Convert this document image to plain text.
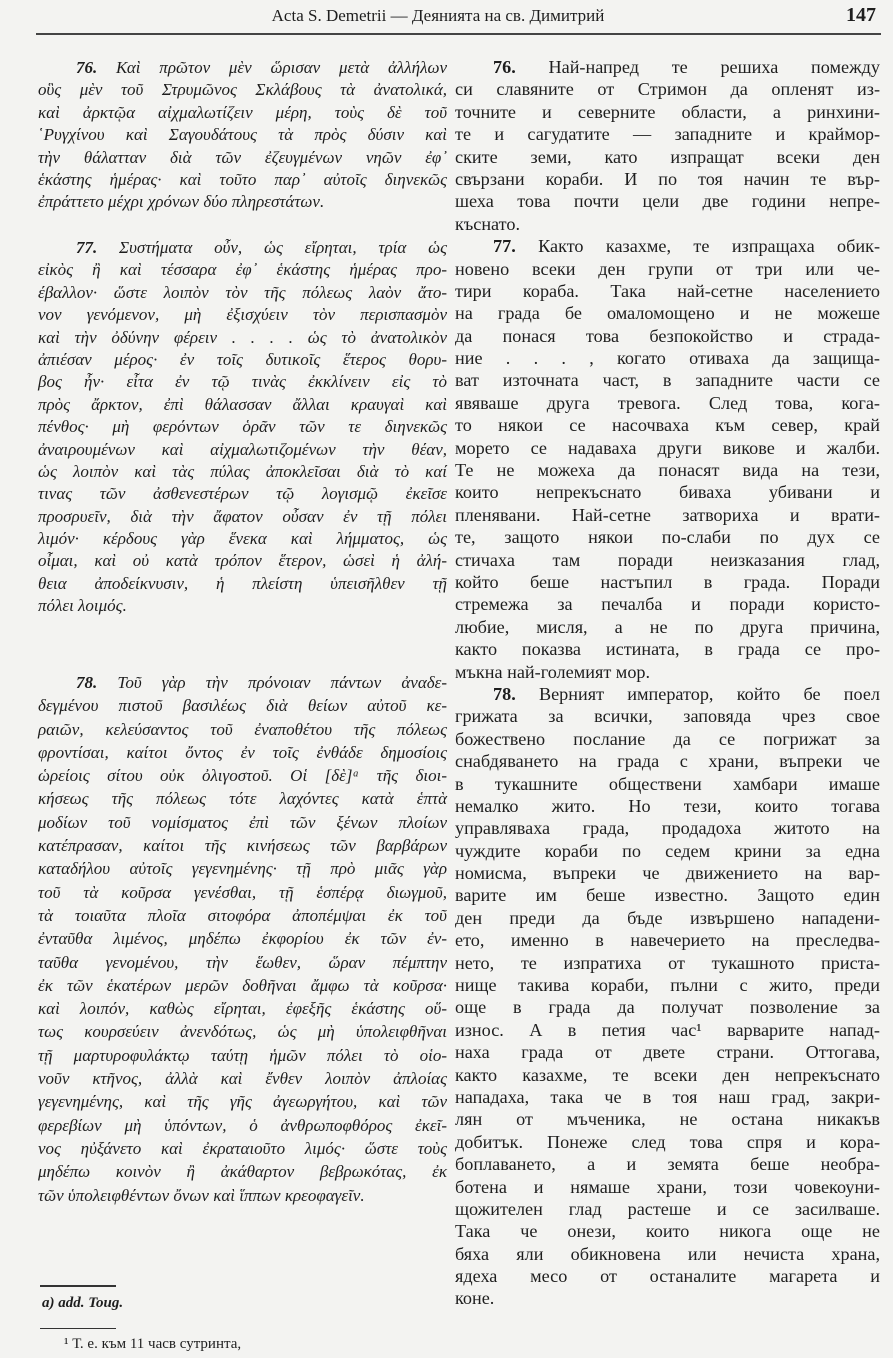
Acta S. Demetrii — Деянията на св. Димитрий	147
76. Καὶ πρῶτον μὲν ὥρισαν μετὰ ἀλλήλων
οὓς μὲν τοῦ Στρυμῶνος Σκλάβους τὰ ἀνατολικά,
καὶ ἀρκτῷα αἰχμαλωτίζειν μέρη, τοὺς δὲ τοῦ
῾Ρυγχίνου καὶ Σαγουδάτους τὰ πρὸς δύσιν καὶ
τὴν θάλατταν διὰ τῶν ἐζευγμένων νηῶν ἐφ᾽
ἑκάστης ἡμέρας· καὶ τοῦτο παρ᾽ αὐτοῖς διηνεκῶς
ἐπράττετο μέχρι χρόνων δύο πληρεστάτων.
77. Συστήματα οὖν, ὡς εἴρηται, τρία ὡς
εἰκὸς ἢ καὶ τέσσαρα ἐφ᾽ ἑκάστης ἡμέρας προ-
έβαλλον· ὥστε λοιπὸν τὸν τῆς πόλεως λαὸν ἄτο-
νον γενόμενον, μὴ ἐξισχύειν τὸν περισπασμὸν
καὶ τὴν ὀδύνην φέρειν . . . . ὡς τὸ ἀνατολικὸν
ἀπιέσαν μέρος· ἐν τοῖς δυτικοῖς ἕτερος θορυ-
βος ἦν· εἶτα ἐν τῷ τινὰς ἐκκλίνειν εἰς τὸ
πρὸς ἄρκτον, ἐπὶ θάλασσαν ἄλλαι κραυγαὶ καὶ
πένθος· μὴ φερόντων ὁρᾶν τῶν τε διηνεκῶς
ἀναιρουμένων καὶ αἰχμαλωτιζομένων τὴν θέαν,
ὡς λοιπὸν καὶ τὰς πύλας ἀποκλεῖσαι διὰ τὸ καί
τινας τῶν ἀσθενεστέρων τῷ λογισμῷ ἐκεῖσε
προσρυεῖν, διὰ τὴν ἄφατον οὖσαν ἐν τῇ πόλει
λιμόν· κέρδους γὰρ ἕνεκα καὶ λήμματος, ὡς
οἶμαι, καὶ οὐ κατὰ τρόπον ἕτερον, ὡσεὶ ἡ ἀλή-
θεια ἀποδείκνυσιν, ἡ πλείστη ὑπεισῆλθεν τῇ
πόλει λοιμός.
78. Τοῦ γὰρ τὴν πρόνοιαν πάντων ἀναδε-
δεγμένου πιστοῦ βασιλέως διὰ θείων αὐτοῦ κε-
ραιῶν, κελεύσαντος τοῦ ἐναποθέτου τῆς πόλεως
φροντίσαι, καίτοι ὄντος ἐν τοῖς ἐνθάδε δημοσίοις
ὡρείοις σίτου οὐκ ὀλιγοστοῦ. Οἱ [δὲ]ᵃ τῆς διοι-
κήσεως τῆς πόλεως τότε λαχόντες κατὰ ἑπτὰ
μοδίων τοῦ νομίσματος ἐπὶ τῶν ξένων πλοίων
κατέπρασαν, καίτοι τῆς κινήσεως τῶν βαρβάρων
καταδήλου αὐτοῖς γεγενημένης· τῇ πρὸ μιᾶς γὰρ
τοῦ τὰ κοῦρσα γενέσθαι, τῇ ἑσπέρᾳ διωγμοῦ,
τὰ τοιαῦτα πλοῖα σιτοφόρα ἀποπέμψαι ἐκ τοῦ
ἐνταῦθα λιμένος, μηδέπω ἐκφορίου ἐκ τῶν ἐν-
ταῦθα γενομένου, τὴν ἕωθεν, ὥραν πέμπτην
ἐκ τῶν ἑκατέρων μερῶν δοθῆναι ἄμφω τὰ κοῦρσα·
καὶ λοιπόν, καθὼς εἴρηται, ἐφεξῆς ἑκάστης οὕ-
τως κουρσεύειν ἀνενδότως, ὡς μὴ ὑπολειφθῆναι
τῇ μαρτυροφυλάκτῳ ταύτῃ ἡμῶν πόλει τὸ οἱο-
νοῦν κτῆνος, ἀλλὰ καὶ ἔνθεν λοιπὸν ἀπλοίας
γεγενημένης, καὶ τῆς γῆς ἀγεωργήτου, καὶ τῶν
φερεβίων μὴ ὑπόντων, ὁ ἀνθρωποφθόρος ἐκεῖ-
νος ηὐξάνετο καὶ ἐκραταιοῦτο λιμός· ὥστε τοὺς
μηδέπω κοινὸν ἢ ἀκάθαρτον βεβρωκότας, ἐκ
τῶν ὑπολειφθέντων ὄνων καὶ ἵππων κρεοφαγεῖν.
76. Най-напред те решиха помежду
си славяните от Стримон да опленят из-
точните и северните области, а ринхини-
те и сагудатите — западните и краймор-
ските земи, като изпращат всеки ден
свързани кораби. И по тоя начин те вър-
шеха това почти цели две години непре-
къснато.
77. Както казахме, те изпращаха обик-
новено всеки ден групи от три или че-
тири кораба. Така най-сетне населението
на града бе омаломощено и не можеше
да понася това безпокойство и страда-
ние . . . , когато отиваха да защища-
ват източната част, в западните части се
явяваше друга тревога. След това, кога-
то някои се насочваха към север, край
морето се надаваха други викове и жалби.
Те не можеха да понасят вида на тези,
които непрекъснато биваха убивани и
пленявани. Най-сетне затвориха и врати-
те, защото някои по-слаби по дух се
стичаха там поради неизказания глад,
който беше настъпил в града. Поради
стремежа за печалба и поради користо-
любие, мисля, а не по друга причина,
както показва истината, в града се про-
мъкна най-големият мор.
78. Верният император, който бе поел
грижата за всички, заповяда чрез свое
божествено послание да се погрижат за
снабдяването на града с храни, въпреки че
в тукашните обществени хамбари имаше
немалко жито. Но тези, които тогава
управляваха града, продадоха житото на
чуждите кораби по седем крини за една
номисма, въпреки че движението на вар-
варите им беше известно. Защото един
ден преди да бъде извършено нападени-
ето, именно в навечерието на преследва-
нето, те изпратиха от тукашното приста-
нище такива кораби, пълни с жито, преди
още в града да получат позволение за
износ. А в петия час¹ варварите напад-
наха града от двете страни. Оттогава,
както казахме, те всеки ден непрекъснато
нападаха, така че в тоя наш град, закри-
лян от мъченика, не остана никакъв
добитък. Понеже след това спря и кора-
боплаването, а и земята беше необра-
ботена и нямаше храни, този човекоуни-
щожителен глад растеше и се засилваше.
Така че онези, които никога още не
бяха яли обикновена или нечиста храна,
ядеха месо от останалите магарета и
коне.
a) add. Toug.
¹ Т. е. към 11 часв сутринта,
